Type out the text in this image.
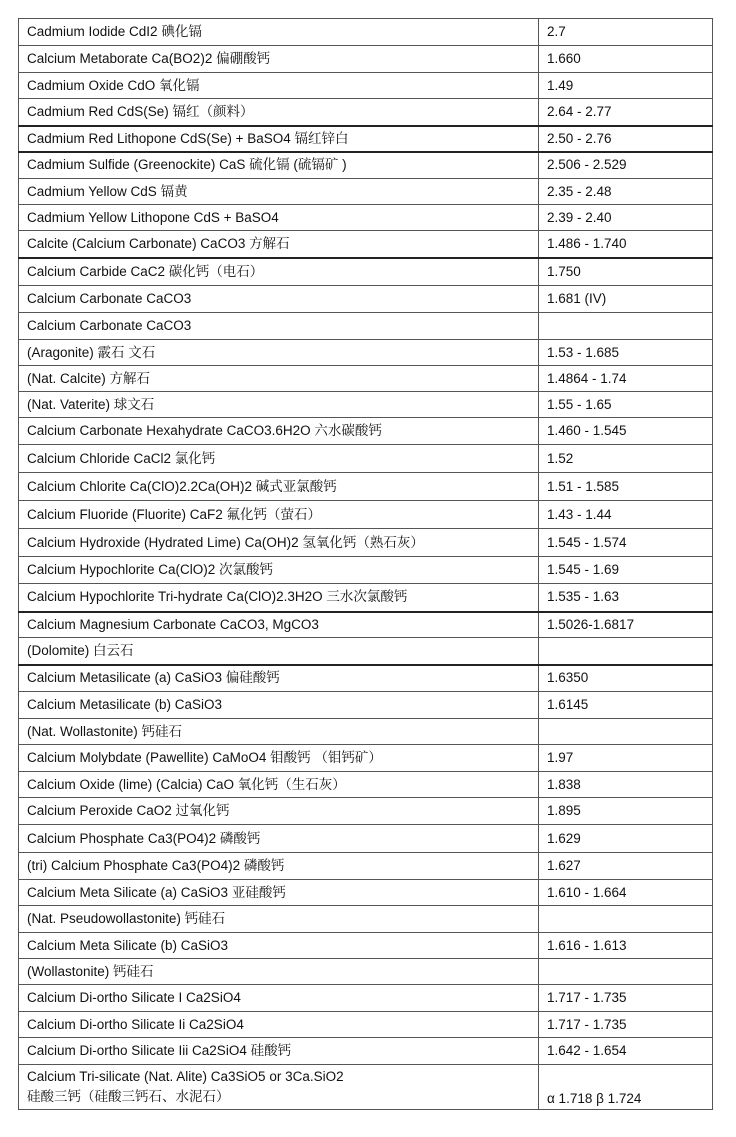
Cadmium Iodide CdI2 碘化镉	2.7
Calcium Metaborate Ca(BO2)2 偏硼酸钙	1.660
Cadmium Oxide CdO 氧化镉	1.49
Cadmium Red CdS(Se) 镉红（颜料）	2.64 - 2.77
Cadmium Red Lithopone CdS(Se) + BaSO4 镉红锌白	2.50 - 2.76
Cadmium Sulfide (Greenockite) CaS 硫化镉 (硫镉矿 )	2.506 - 2.529
Cadmium Yellow CdS 镉黄	2.35 - 2.48
Cadmium Yellow Lithopone CdS + BaSO4	2.39 - 2.40
Calcite (Calcium Carbonate) CaCO3 方解石	1.486 - 1.740
Calcium Carbide CaC2 碳化钙（电石）	1.750
Calcium Carbonate CaCO3	1.681 (IV)
Calcium Carbonate CaCO3	
(Aragonite) 霰石 文石	1.53 - 1.685
(Nat. Calcite) 方解石	1.4864 - 1.74
(Nat. Vaterite) 球文石	1.55 - 1.65
Calcium Carbonate Hexahydrate CaCO3.6H2O 六水碳酸钙	1.460 - 1.545
Calcium Chloride CaCl2 氯化钙	1.52
Calcium Chlorite Ca(ClO)2.2Ca(OH)2 碱式亚氯酸钙	1.51 - 1.585
Calcium Fluoride (Fluorite) CaF2 氟化钙（萤石）	1.43 - 1.44
Calcium Hydroxide (Hydrated Lime) Ca(OH)2 氢氧化钙（熟石灰）	1.545 - 1.574
Calcium Hypochlorite Ca(ClO)2 次氯酸钙	1.545 - 1.69
Calcium Hypochlorite Tri-hydrate Ca(ClO)2.3H2O 三水次氯酸钙	1.535 - 1.63
Calcium Magnesium Carbonate CaCO3, MgCO3	1.5026-1.6817
(Dolomite) 白云石	
Calcium Metasilicate (a) CaSiO3 偏硅酸钙	1.6350
Calcium Metasilicate (b) CaSiO3	1.6145
(Nat. Wollastonite) 钙硅石	
Calcium Molybdate (Pawellite) CaMoO4 钼酸钙 （钼钙矿）	1.97
Calcium Oxide (lime) (Calcia) CaO 氧化钙（生石灰）	1.838
Calcium Peroxide CaO2 过氧化钙	1.895
Calcium Phosphate Ca3(PO4)2 磷酸钙	1.629
(tri) Calcium Phosphate Ca3(PO4)2 磷酸钙	1.627
Calcium Meta Silicate (a) CaSiO3 亚硅酸钙	1.610 - 1.664
(Nat. Pseudowollastonite) 钙硅石	
Calcium Meta Silicate (b) CaSiO3	1.616 - 1.613
(Wollastonite) 钙硅石	
Calcium Di-ortho Silicate I Ca2SiO4	1.717 - 1.735
Calcium Di-ortho Silicate Ii Ca2SiO4	1.717 - 1.735
Calcium Di-ortho Silicate Iii Ca2SiO4 硅酸钙	1.642 - 1.654
Calcium Tri-silicate (Nat. Alite) Ca3SiO5 or 3Ca.SiO2
硅酸三钙（硅酸三钙石、水泥石）	α 1.718 β 1.724
